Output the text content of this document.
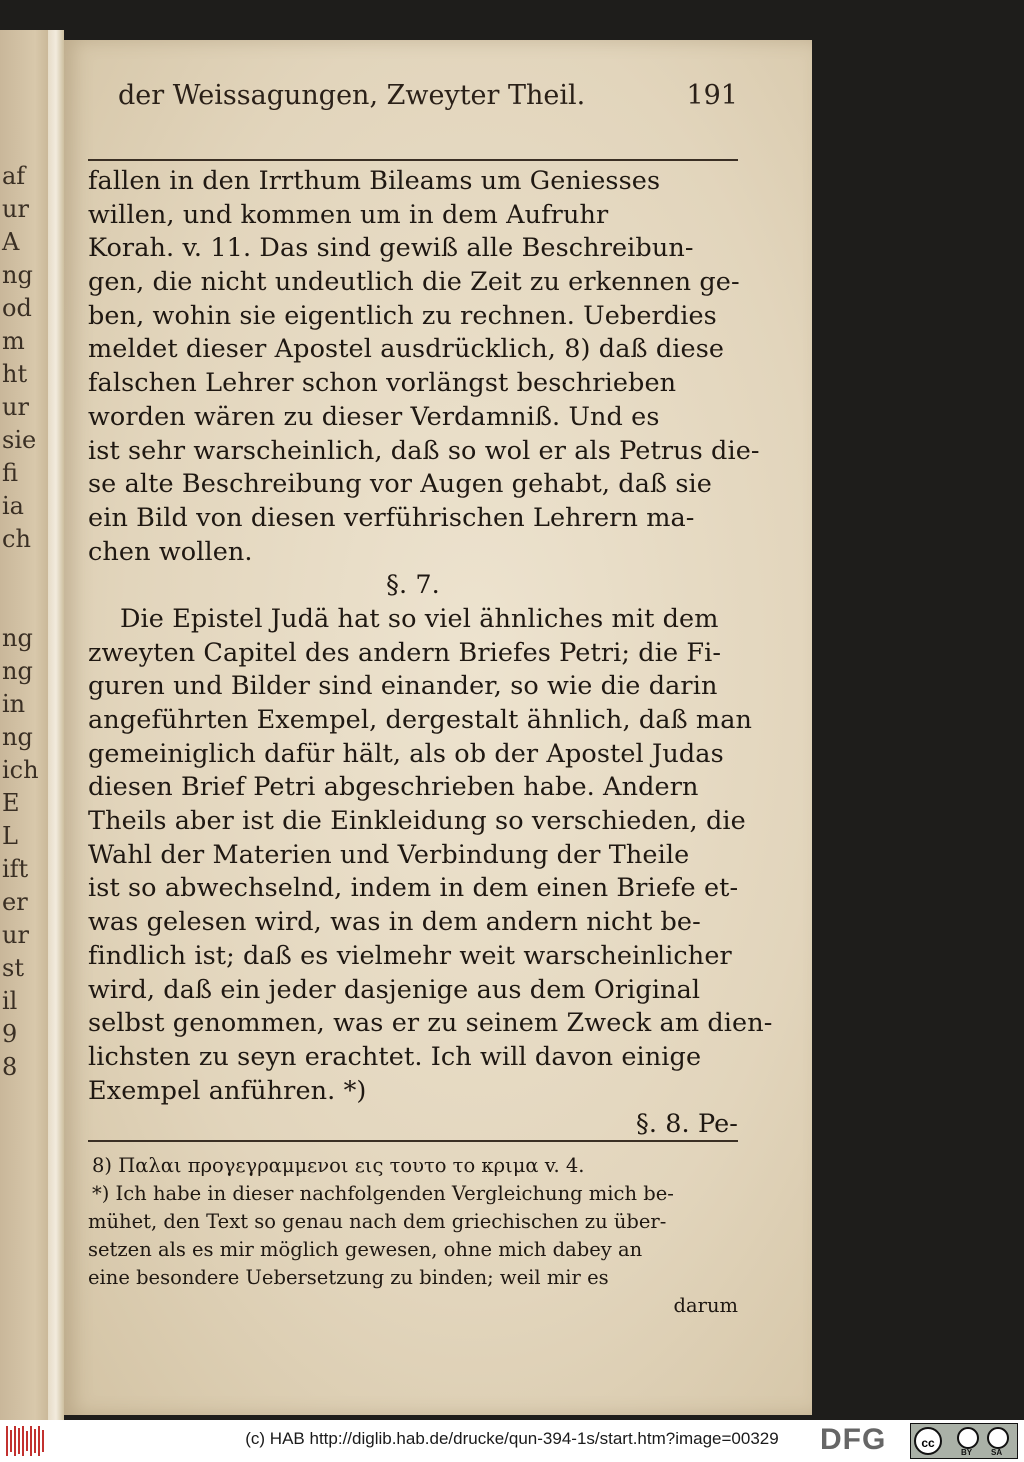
af
ur
A
ng
od
m
ht
ur
sie
fi
ia
ch
ng
ng
in
ng
ich
E
L
ift
er
ur
st
il
9
8
der Weissagungen, Zweyter Theil.	191
fallen in den Irrthum Bileams um Geniesses
willen, und kommen um in dem Aufruhr
Korah. v. 11. Das sind gewiß alle Beschreibun-
gen, die nicht undeutlich die Zeit zu erkennen ge-
ben, wohin sie eigentlich zu rechnen. Ueberdies
meldet dieser Apostel ausdrücklich, 8) daß diese
falschen Lehrer schon vorlängst beschrieben
worden wären zu dieser Verdamniß. Und es
ist sehr warscheinlich, daß so wol er als Petrus die-
se alte Beschreibung vor Augen gehabt, daß sie
ein Bild von diesen verführischen Lehrern ma-
chen wollen.
§. 7.
Die Epistel Judä hat so viel ähnliches mit dem
zweyten Capitel des andern Briefes Petri; die Fi-
guren und Bilder sind einander, so wie die darin
angeführten Exempel, dergestalt ähnlich, daß man
gemeiniglich dafür hält, als ob der Apostel Judas
diesen Brief Petri abgeschrieben habe. Andern
Theils aber ist die Einkleidung so verschieden, die
Wahl der Materien und Verbindung der Theile
ist so abwechselnd, indem in dem einen Briefe et-
was gelesen wird, was in dem andern nicht be-
findlich ist; daß es vielmehr weit warscheinlicher
wird, daß ein jeder dasjenige aus dem Original
selbst genommen, was er zu seinem Zweck am dien-
lichsten zu seyn erachtet. Ich will davon einige
Exempel anführen. *)
§. 8. Pe-
8) Παλαι προγεγραμμενοι εις τουτο το κριμα v. 4.
*) Ich habe in dieser nachfolgenden Vergleichung mich be-
mühet, den Text so genau nach dem griechischen zu über-
setzen als es mir möglich gewesen, ohne mich dabey an
eine besondere Uebersetzung zu binden; weil mir es
darum
(c) HAB http://diglib.hab.de/drucke/qun-394-1s/start.htm?image=00329	DFG	cc
BY SA
